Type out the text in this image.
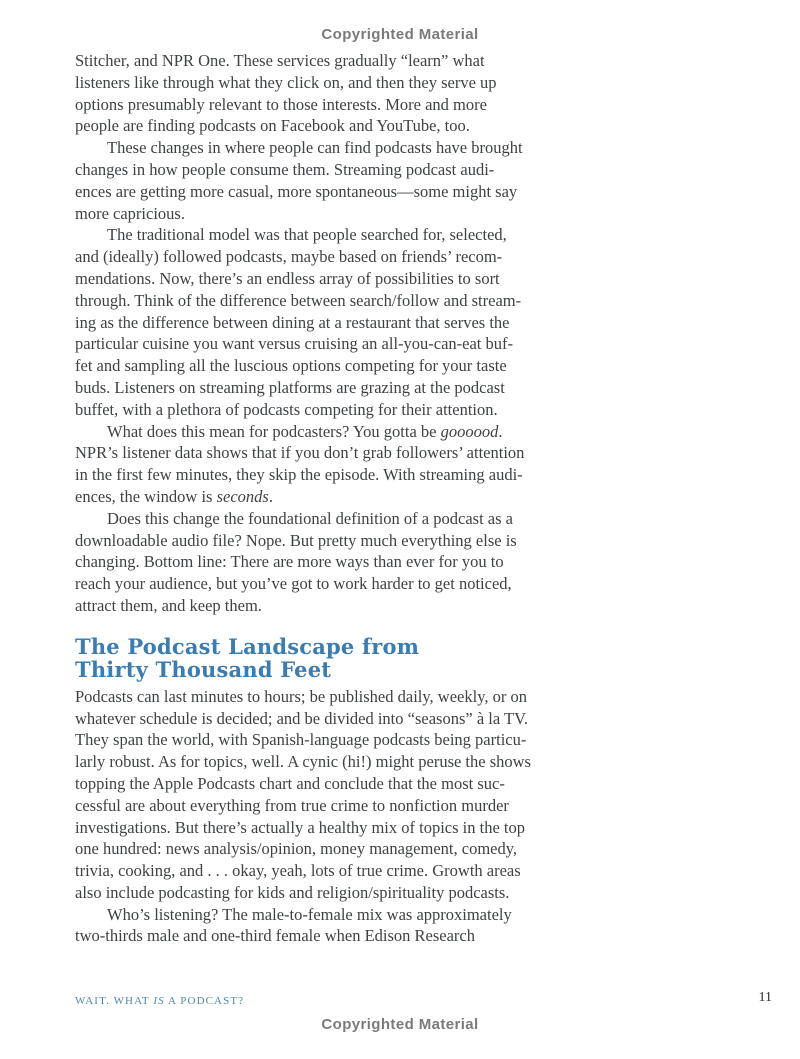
Copyrighted Material
Stitcher, and NPR One. These services gradually “learn” what
listeners like through what they click on, and then they serve up
options presumably relevant to those interests. More and more
people are finding podcasts on Facebook and YouTube, too.
These changes in where people can find podcasts have brought
changes in how people consume them. Streaming podcast audi-
ences are getting more casual, more spontaneous—some might say
more capricious.
The traditional model was that people searched for, selected,
and (ideally) followed podcasts, maybe based on friends’ recom-
mendations. Now, there’s an endless array of possibilities to sort
through. Think of the difference between search/follow and stream-
ing as the difference between dining at a restaurant that serves the
particular cuisine you want versus cruising an all-you-can-eat buf-
fet and sampling all the luscious options competing for your taste
buds. Listeners on streaming platforms are grazing at the podcast
buffet, with a plethora of podcasts competing for their attention.
What does this mean for podcasters? You gotta be goooood.
NPR’s listener data shows that if you don’t grab followers’ attention
in the first few minutes, they skip the episode. With streaming audi-
ences, the window is seconds.
Does this change the foundational definition of a podcast as a
downloadable audio file? Nope. But pretty much everything else is
changing. Bottom line: There are more ways than ever for you to
reach your audience, but you’ve got to work harder to get noticed,
attract them, and keep them.
The Podcast Landscape from
Thirty Thousand Feet
Podcasts can last minutes to hours; be published daily, weekly, or on
whatever schedule is decided; and be divided into “seasons” à la TV.
They span the world, with Spanish-language podcasts being particu-
larly robust. As for topics, well. A cynic (hi!) might peruse the shows
topping the Apple Podcasts chart and conclude that the most suc-
cessful are about everything from true crime to nonfiction murder
investigations. But there’s actually a healthy mix of topics in the top
one hundred: news analysis/opinion, money management, comedy,
trivia, cooking, and . . . okay, yeah, lots of true crime. Growth areas
also include podcasting for kids and religion/spirituality podcasts.
Who’s listening? The male-to-female mix was approximately
two-thirds male and one-third female when Edison Research
WAIT. WHAT IS A PODCAST?	11
Copyrighted Material
